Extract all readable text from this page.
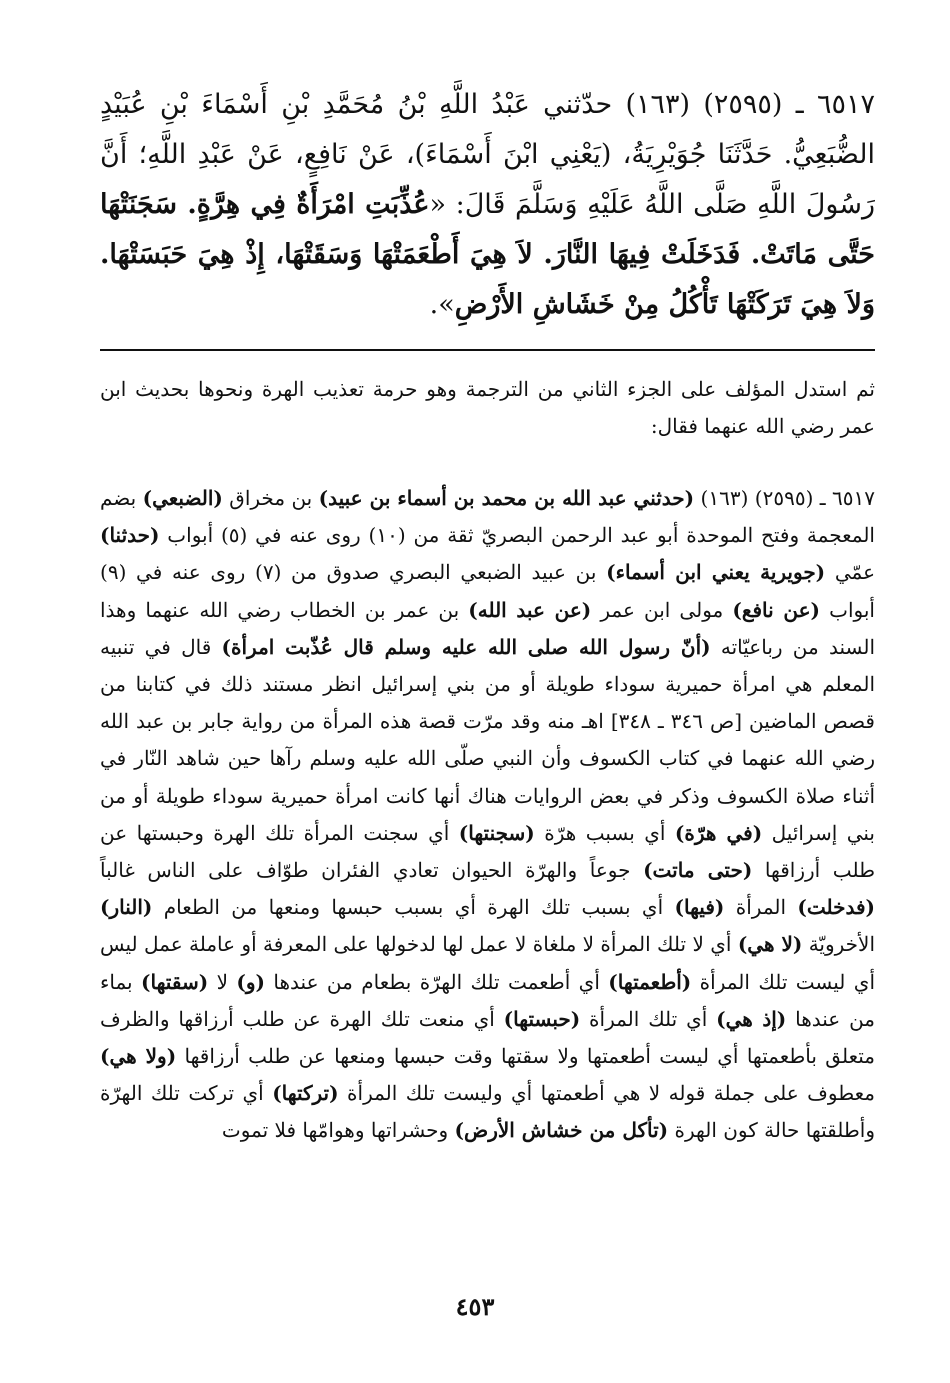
٦٥١٧ ـ (٢٥٩٥) (١٦٣) حدّثني عَبْدُ اللَّهِ بْنُ مُحَمَّدِ بْنِ أَسْمَاءَ بْنِ عُبَيْدٍ الضُّبَعِيُّ. حَدَّثَنَا جُوَيْرِيَةُ، (يَعْنِي ابْنَ أَسْمَاءَ)، عَنْ نَافِعٍ، عَنْ عَبْدِ اللَّهِ؛ أَنَّ رَسُولَ اللَّهِ صَلَّى اللَّهُ عَلَيْهِ وَسَلَّمَ قَالَ: «عُذِّبَتِ امْرَأَةٌ فِي هِرَّةٍ. سَجَنَتْهَا حَتَّى مَاتَتْ. فَدَخَلَتْ فِيهَا النَّارَ. لاَ هِيَ أَطْعَمَتْهَا وَسَقَتْهَا، إِذْ هِيَ حَبَسَتْهَا. وَلاَ هِيَ تَرَكَتْهَا تَأْكُلُ مِنْ خَشَاشِ الأَرْضِ».

ثم استدل المؤلف على الجزء الثاني من الترجمة وهو حرمة تعذيب الهرة ونحوها بحديث ابن عمر رضي الله عنهما فقال:

٦٥١٧ ـ (٢٥٩٥) (١٦٣) (حدثني عبد الله بن محمد بن أسماء بن عبيد) بن مخراق (الضبعي) بضم المعجمة وفتح الموحدة أبو عبد الرحمن البصريّ ثقة من (١٠) روى عنه في (٥) أبواب (حدثنا) عمّي (جويرية يعني ابن أسماء) بن عبيد الضبعي البصري صدوق من (٧) روى عنه في (٩) أبواب (عن نافع) مولى ابن عمر (عن عبد الله) بن عمر بن الخطاب رضي الله عنهما وهذا السند من رباعيّاته (أنّ رسول الله صلى الله عليه وسلم قال عُذّبت امرأة) قال في تنبيه المعلم هي امرأة حميرية سوداء طويلة أو من بني إسرائيل انظر مستند ذلك في كتابنا من قصص الماضين [ص ٣٤٦ ـ ٣٤٨] اهـ منه وقد مرّت قصة هذه المرأة من رواية جابر بن عبد الله رضي الله عنهما في كتاب الكسوف وأن النبي صلّى الله عليه وسلم رآها حين شاهد النّار في أثناء صلاة الكسوف وذكر في بعض الروايات هناك أنها كانت امرأة حميرية سوداء طويلة أو من بني إسرائيل (في هرّة) أي بسبب هرّة (سجنتها) أي سجنت المرأة تلك الهرة وحبستها عن طلب أرزاقها (حتى ماتت) جوعاً والهرّة الحيوان تعادي الفئران طوّاف على الناس غالباً (فدخلت) المرأة (فيها) أي بسبب تلك الهرة أي بسبب حبسها ومنعها من الطعام (النار) الأخرويّة (لا هي) أي لا تلك المرأة لا ملغاة لا عمل لها لدخولها على المعرفة أو عاملة عمل ليس أي ليست تلك المرأة (أطعمتها) أي أطعمت تلك الهرّة بطعام من عندها (و) لا (سقتها) بماء من عندها (إذ هي) أي تلك المرأة (حبستها) أي منعت تلك الهرة عن طلب أرزاقها والظرف متعلق بأطعمتها أي ليست أطعمتها ولا سقتها وقت حبسها ومنعها عن طلب أرزاقها (ولا هي) معطوف على جملة قوله لا هي أطعمتها أي وليست تلك المرأة (تركتها) أي تركت تلك الهرّة وأطلقتها حالة كون الهرة (تأكل من خشاش الأرض) وحشراتها وهوامّها فلا تموت

٤٥٣
